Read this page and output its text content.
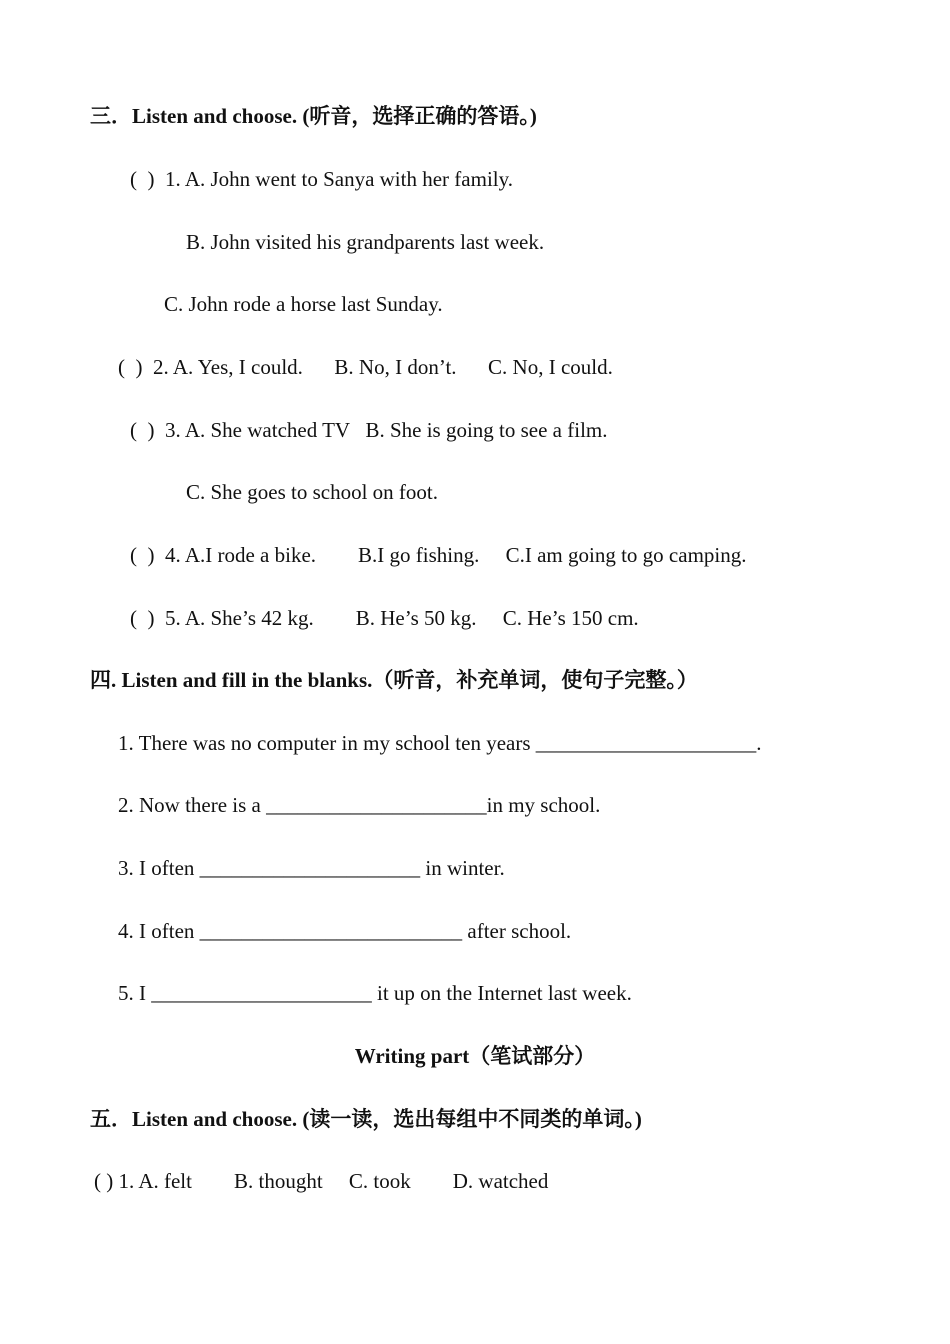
三．Listen and choose. (听音，选择正确的答语。)
(  )  1. A. John went to Sanya with her family.
B. John visited his grandparents last week.
C. John rode a horse last Sunday.
(  )  2. A. Yes, I could.      B. No, I don’t.      C. No, I could.
(  )  3. A. She watched TV   B. She is going to see a film.
C. She goes to school on foot.
(  )  4. A.I rode a bike.        B.I go fishing.     C.I am going to go camping.
(  )  5. A. She’s 42 kg.        B. He’s 50 kg.     C. He’s 150 cm.
四. Listen and fill in the blanks.（听音，补充单词，使句子完整。）
1. There was no computer in my school ten years _____________________.
2. Now there is a _____________________in my school.
3. I often _____________________ in winter.
4. I often _________________________ after school.
5. I _____________________ it up on the Internet last week.
Writing part（笔试部分）
五．Listen and choose. (读一读，选出每组中不同类的单词。)
( ) 1. A. felt        B. thought     C. took        D. watched
